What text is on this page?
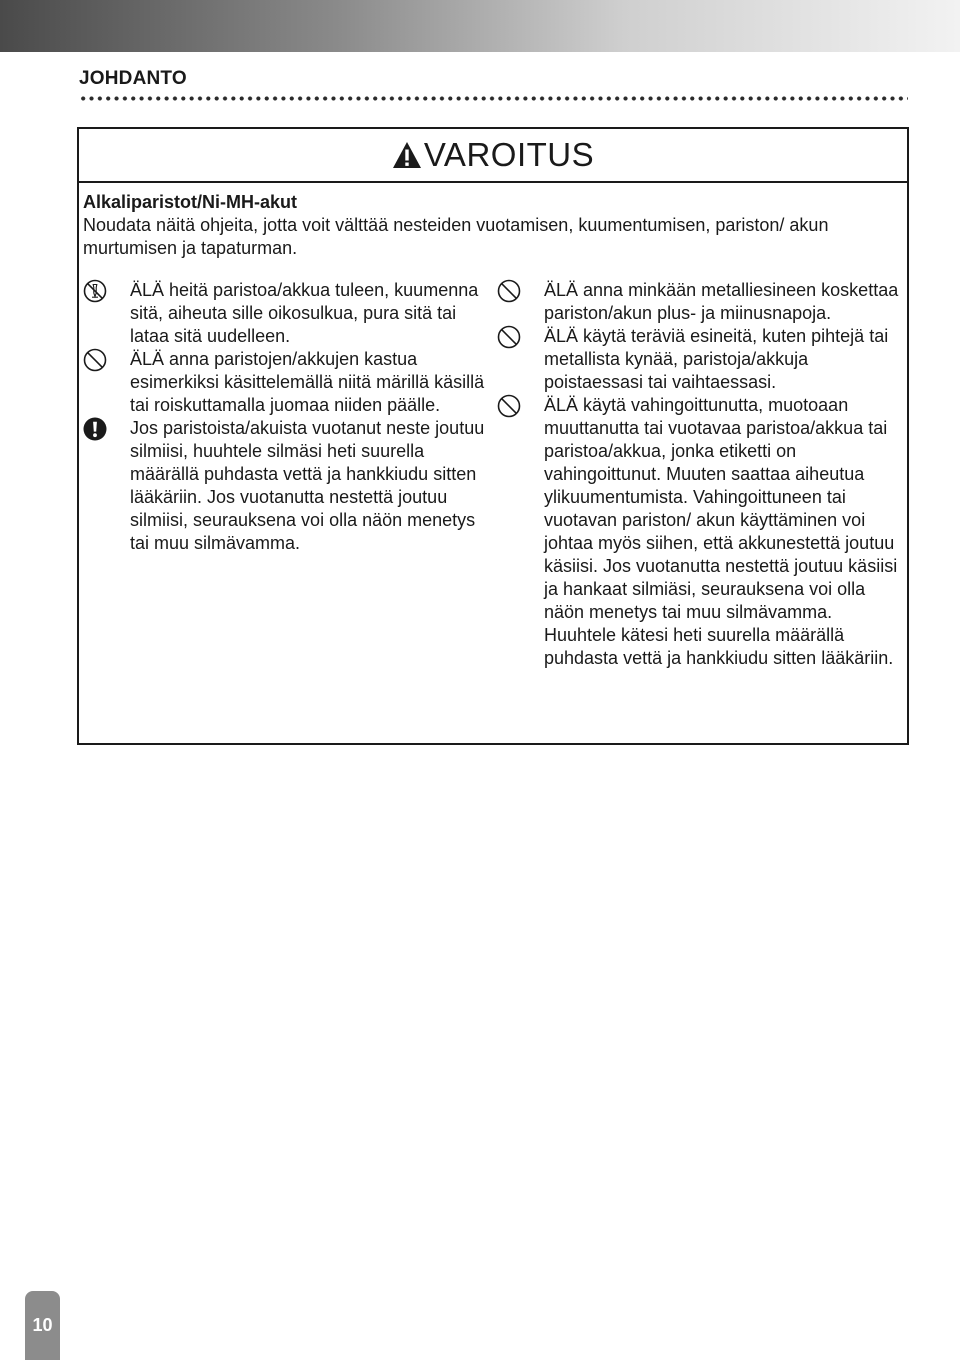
JOHDANTO
VAROITUS
Alkaliparistot/Ni-MH-akut
Noudata näitä ohjeita, jotta voit välttää nesteiden vuotamisen, kuumentumisen, pariston/ akun murtumisen ja tapaturman.
ÄLÄ heitä paristoa/akkua tuleen, kuumenna sitä, aiheuta sille oikosulkua, pura sitä tai lataa sitä uudelleen.
ÄLÄ anna paristojen/akkujen kastua esimerkiksi käsittelemällä niitä märillä käsillä tai roiskuttamalla juomaa niiden päälle.
Jos paristoista/akuista vuotanut neste joutuu silmiisi, huuhtele silmäsi heti suurella määrällä puhdasta vettä ja hankkiudu sitten lääkäriin. Jos vuotanutta nestettä joutuu silmiisi, seurauksena voi olla näön menetys tai muu silmävamma.
ÄLÄ anna minkään metalliesineen koskettaa pariston/akun plus- ja miinusnapoja.
ÄLÄ käytä teräviä esineitä, kuten pihtejä tai metallista kynää, paristoja/akkuja poistaessasi tai vaihtaessasi.
ÄLÄ käytä vahingoittunutta, muotoaan muuttanutta tai vuotavaa paristoa/akkua tai paristoa/akkua, jonka etiketti on vahingoittunut. Muuten saattaa aiheutua ylikuumentumista. Vahingoittuneen tai vuotavan pariston/ akun käyttäminen voi johtaa myös siihen, että akkunestettä joutuu käsiisi. Jos vuotanutta nestettä joutuu käsiisi ja hankaat silmiäsi, seurauksena voi olla näön menetys tai muu silmävamma. Huuhtele kätesi heti suurella määrällä puhdasta vettä ja hankkiudu sitten lääkäriin.
10
